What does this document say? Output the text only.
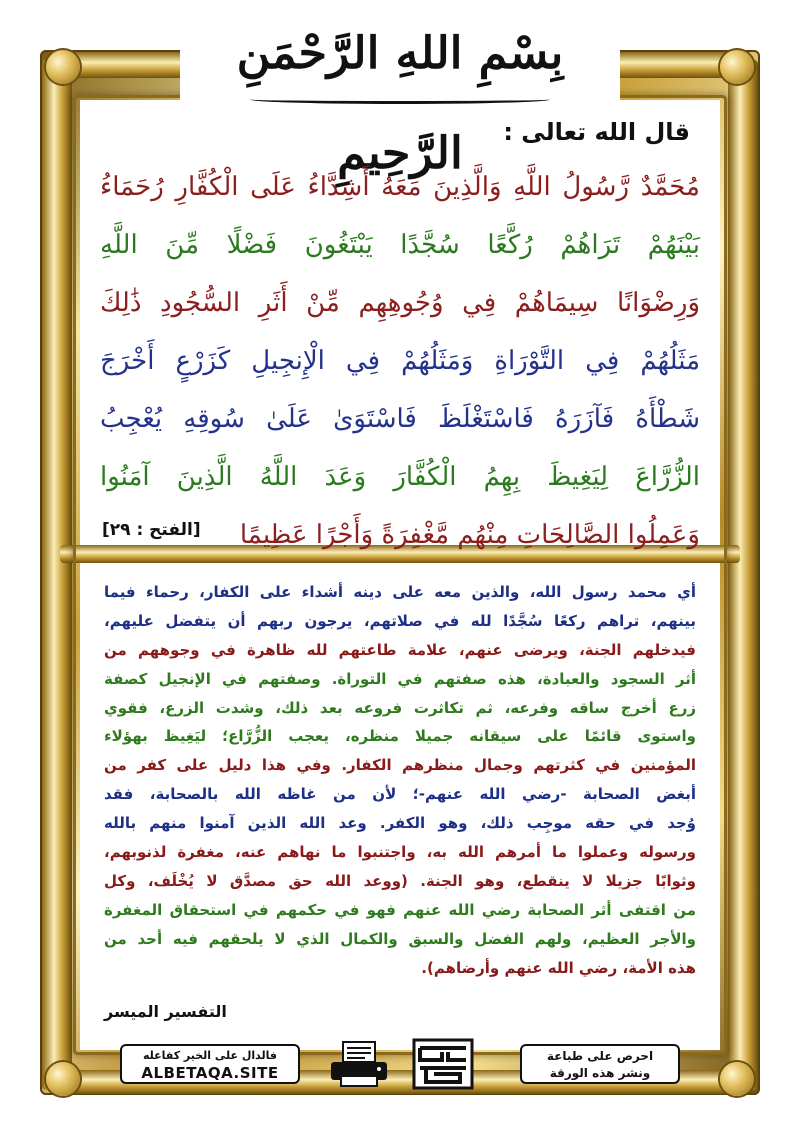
بِسْمِ اللهِ الرَّحْمَنِ الرَّحِيمِ	قال الله تعالى :
مُحَمَّدٌ رَّسُولُ اللَّهِ وَالَّذِينَ مَعَهُ أَشِدَّاءُ عَلَى الْكُفَّارِ رُحَمَاءُ
بَيْنَهُمْ تَرَاهُمْ رُكَّعًا سُجَّدًا يَبْتَغُونَ فَضْلًا مِّنَ اللَّهِ
وَرِضْوَانًا سِيمَاهُمْ فِي وُجُوهِهِم مِّنْ أَثَرِ السُّجُودِ ذَٰلِكَ
مَثَلُهُمْ فِي التَّوْرَاةِ وَمَثَلُهُمْ فِي الْإِنجِيلِ كَزَرْعٍ أَخْرَجَ
شَطْأَهُ فَآزَرَهُ فَاسْتَغْلَظَ فَاسْتَوَىٰ عَلَىٰ سُوقِهِ يُعْجِبُ
الزُّرَّاعَ لِيَغِيظَ بِهِمُ الْكُفَّارَ وَعَدَ اللَّهُ الَّذِينَ آمَنُوا
وَعَمِلُوا الصَّالِحَاتِ مِنْهُم مَّغْفِرَةً وَأَجْرًا عَظِيمًا
[الفتح : ٢٩]
أي محمد رسول الله، والذين معه على دينه أشداء على الكفار، رحماء فيما
بينهم، تراهم ركعًا سُجَّدًا لله في صلاتهم، يرجون ربهم أن يتفضل عليهم،
فيدخلهم الجنة، ويرضى عنهم، علامة طاعتهم لله ظاهرة في وجوههم من
أثر السجود والعبادة، هذه صفتهم في التوراة. وصفتهم في الإنجيل كصفة
زرع أخرج ساقه وفرعه، ثم تكاثرت فروعه بعد ذلك، وشدت الزرع، فقوي
واستوى قائمًا على سيقانه جميلا منظره، يعجب الزُّرَّاع؛ ليَغِيظ بهؤلاء
المؤمنين في كثرتهم وجمال منظرهم الكفار. وفي هذا دليل على كفر من
أبغض الصحابة -رضي الله عنهم-؛ لأن من غاظه الله بالصحابة، فقد
وُجد في حقه موجِب ذلك، وهو الكفر. وعد الله الذين آمنوا منهم بالله
ورسوله وعملوا ما أمرهم الله به، واجتنبوا ما نهاهم عنه، مغفرة لذنوبهم،
وثوابًا جزيلا لا ينقطع، وهو الجنة. (ووعد الله حق مصدَّق لا يُخْلَف، وكل
من اقتفى أثر الصحابة رضي الله عنهم فهو في حكمهم في استحقاق المغفرة
والأجر العظيم، ولهم الفضل والسبق والكمال الذي لا يلحقهم فيه أحد من
هذه الأمة، رضي الله عنهم وأرضاهم).
التفسير الميسر
فالدال على الخير كفاعله
ALBETAQA.SITE
احرص على طباعة
ونشر هذه الورقة
